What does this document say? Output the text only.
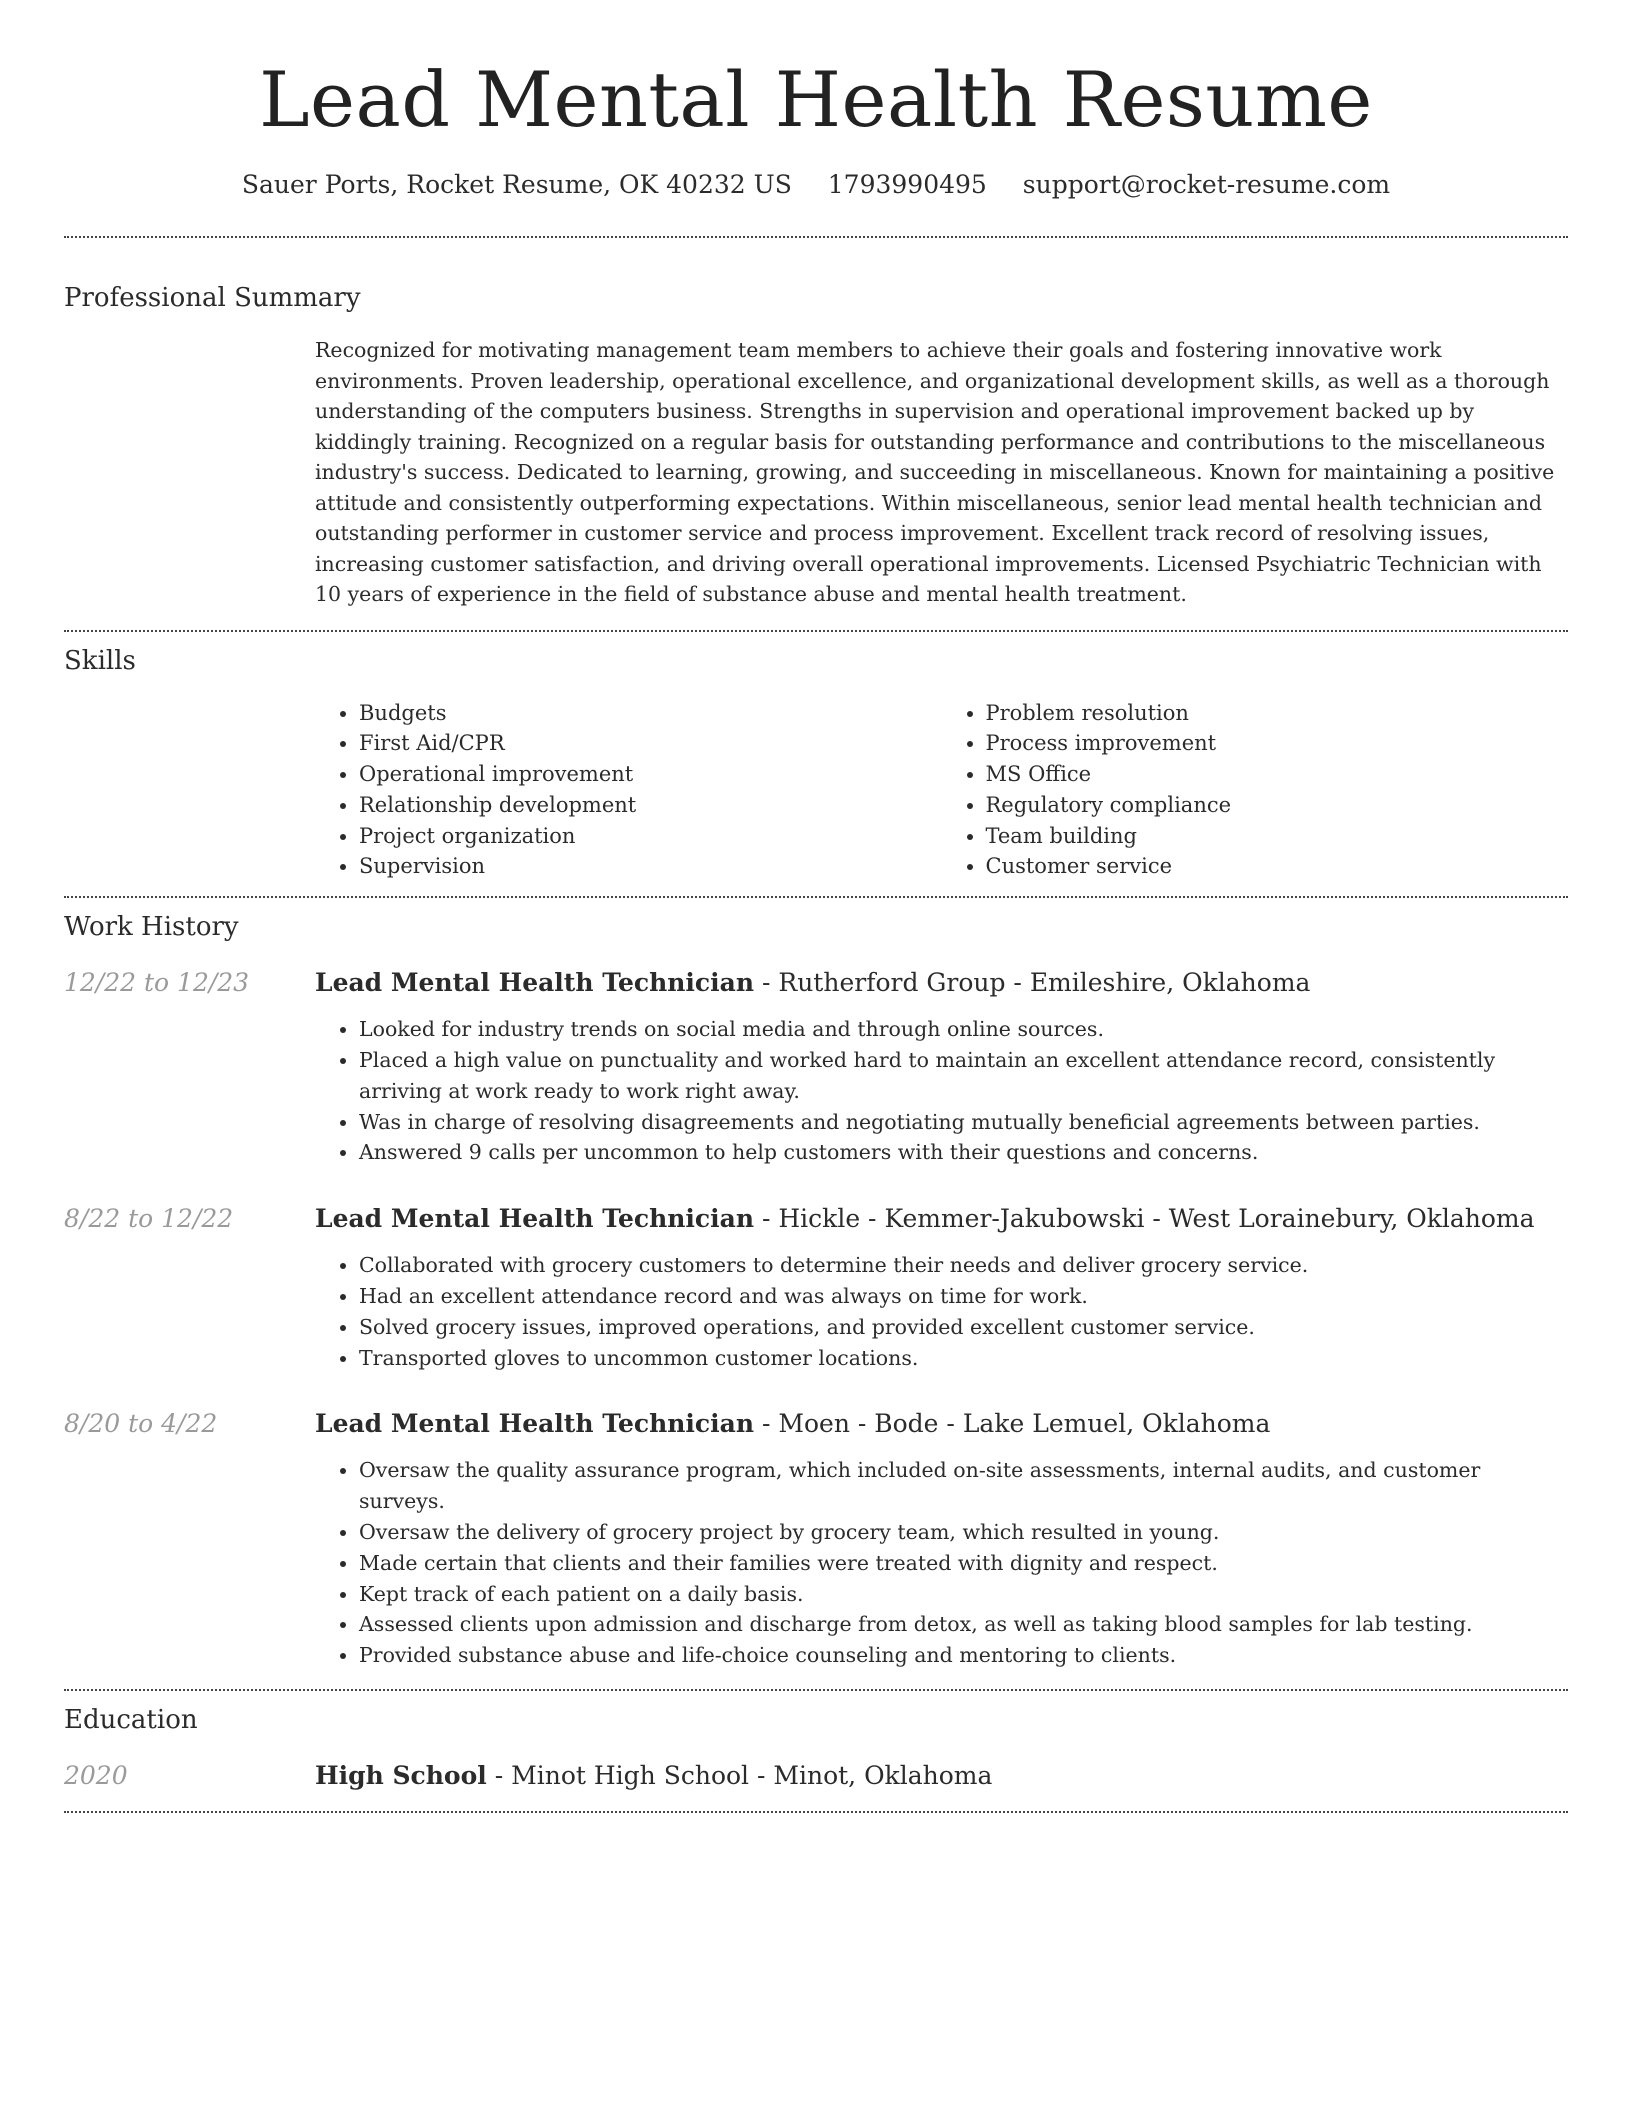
Lead Mental Health Resume
Sauer Ports, Rocket Resume, OK 40232 US 1793990495 support@rocket-resume.com
Professional Summary

Recognized for motivating management team members to achieve their goals and fostering innovative work environments. Proven leadership, operational excellence, and organizational development skills, as well as a thorough understanding of the computers business. Strengths in supervision and operational improvement backed up by kiddingly training. Recognized on a regular basis for outstanding performance and contributions to the miscellaneous industry's success. Dedicated to learning, growing, and succeeding in miscellaneous. Known for maintaining a positive attitude and consistently outperforming expectations. Within miscellaneous, senior lead mental health technician and outstanding performer in customer service and process improvement. Excellent track record of resolving issues, increasing customer satisfaction, and driving overall operational improvements. Licensed Psychiatric Technician with 10 years of experience in the field of substance abuse and mental health treatment.

Skills
• Budgets
• First Aid/CPR
• Operational improvement
• Relationship development
• Project organization
• Supervision
• Problem resolution
• Process improvement
• MS Office
• Regulatory compliance
• Team building
• Customer service
Work History
12/22 to 12/23	Lead Mental Health Technician - Rutherford Group - Emileshire, Oklahoma
• Looked for industry trends on social media and through online sources.
• Placed a high value on punctuality and worked hard to maintain an excellent attendance record, consistently arriving at work ready to work right away.
• Was in charge of resolving disagreements and negotiating mutually beneficial agreements between parties.
• Answered 9 calls per uncommon to help customers with their questions and concerns.
8/22 to 12/22	Lead Mental Health Technician - Hickle - Kemmer-Jakubowski - West Lorainebury, Oklahoma
• Collaborated with grocery customers to determine their needs and deliver grocery service.
• Had an excellent attendance record and was always on time for work.
• Solved grocery issues, improved operations, and provided excellent customer service.
• Transported gloves to uncommon customer locations.
8/20 to 4/22	Lead Mental Health Technician - Moen - Bode - Lake Lemuel, Oklahoma
• Oversaw the quality assurance program, which included on-site assessments, internal audits, and customer surveys.
• Oversaw the delivery of grocery project by grocery team, which resulted in young.
• Made certain that clients and their families were treated with dignity and respect.
• Kept track of each patient on a daily basis.
• Assessed clients upon admission and discharge from detox, as well as taking blood samples for lab testing.
• Provided substance abuse and life-choice counseling and mentoring to clients.
Education
2020	High School - Minot High School - Minot, Oklahoma
